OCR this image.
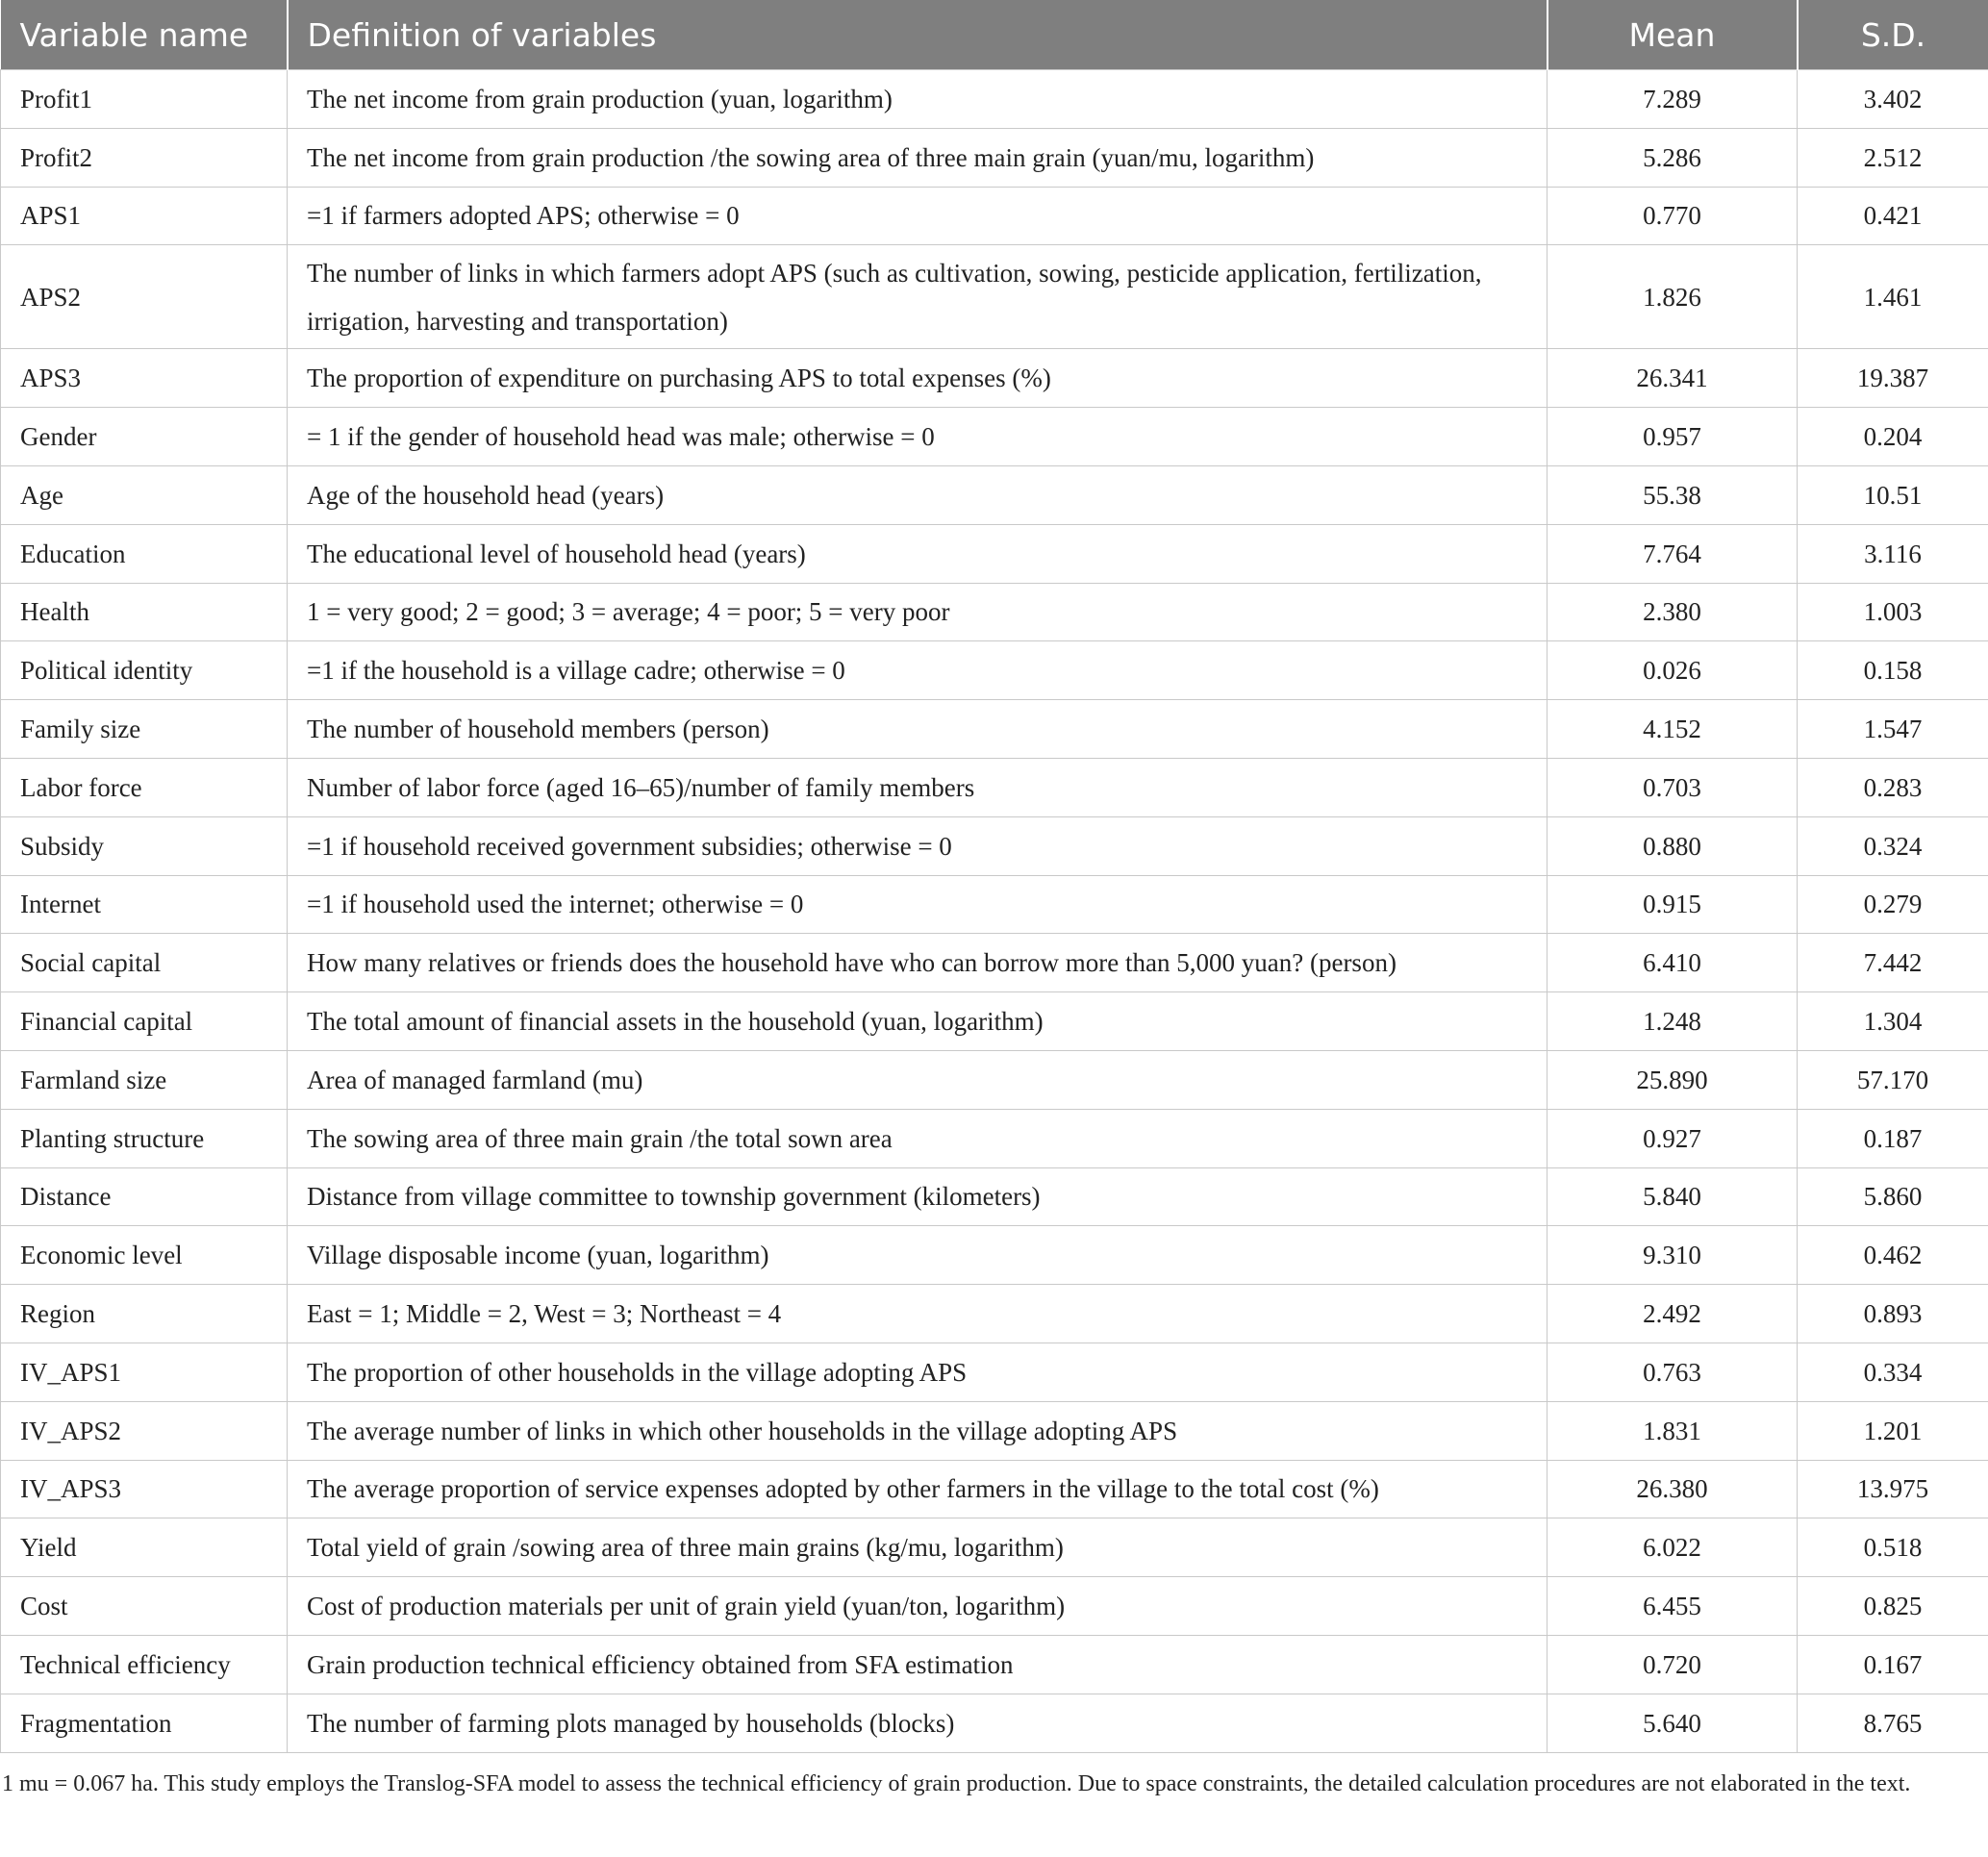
Variable name	Definition of variables	Mean	S.D.
Profit1	The net income from grain production (yuan, logarithm)	7.289	3.402
Profit2	The net income from grain production /the sowing area of three main grain (yuan/mu, logarithm)	5.286	2.512
APS1	=1 if farmers adopted APS; otherwise = 0	0.770	0.421
APS2	The number of links in which farmers adopt APS (such as cultivation, sowing, pesticide application, fertilization, irrigation, harvesting and transportation)	1.826	1.461
APS3	The proportion of expenditure on purchasing APS to total expenses (%)	26.341	19.387
Gender	= 1 if the gender of household head was male; otherwise = 0	0.957	0.204
Age	Age of the household head (years)	55.38	10.51
Education	The educational level of household head (years)	7.764	3.116
Health	1 = very good; 2 = good; 3 = average; 4 = poor; 5 = very poor	2.380	1.003
Political identity	=1 if the household is a village cadre; otherwise = 0	0.026	0.158
Family size	The number of household members (person)	4.152	1.547
Labor force	Number of labor force (aged 16–65)/number of family members	0.703	0.283
Subsidy	=1 if household received government subsidies; otherwise = 0	0.880	0.324
Internet	=1 if household used the internet; otherwise = 0	0.915	0.279
Social capital	How many relatives or friends does the household have who can borrow more than 5,000 yuan? (person)	6.410	7.442
Financial capital	The total amount of financial assets in the household (yuan, logarithm)	1.248	1.304
Farmland size	Area of managed farmland (mu)	25.890	57.170
Planting structure	The sowing area of three main grain /the total sown area	0.927	0.187
Distance	Distance from village committee to township government (kilometers)	5.840	5.860
Economic level	Village disposable income (yuan, logarithm)	9.310	0.462
Region	East = 1; Middle = 2, West = 3; Northeast = 4	2.492	0.893
IV_APS1	The proportion of other households in the village adopting APS	0.763	0.334
IV_APS2	The average number of links in which other households in the village adopting APS	1.831	1.201
IV_APS3	The average proportion of service expenses adopted by other farmers in the village to the total cost (%)	26.380	13.975
Yield	Total yield of grain /sowing area of three main grains (kg/mu, logarithm)	6.022	0.518
Cost	Cost of production materials per unit of grain yield (yuan/ton, logarithm)	6.455	0.825
Technical efficiency	Grain production technical efficiency obtained from SFA estimation	0.720	0.167
Fragmentation	The number of farming plots managed by households (blocks)	5.640	8.765
1 mu = 0.067 ha. This study employs the Translog-SFA model to assess the technical efficiency of grain production. Due to space constraints, the detailed calculation procedures are not elaborated in the text.
